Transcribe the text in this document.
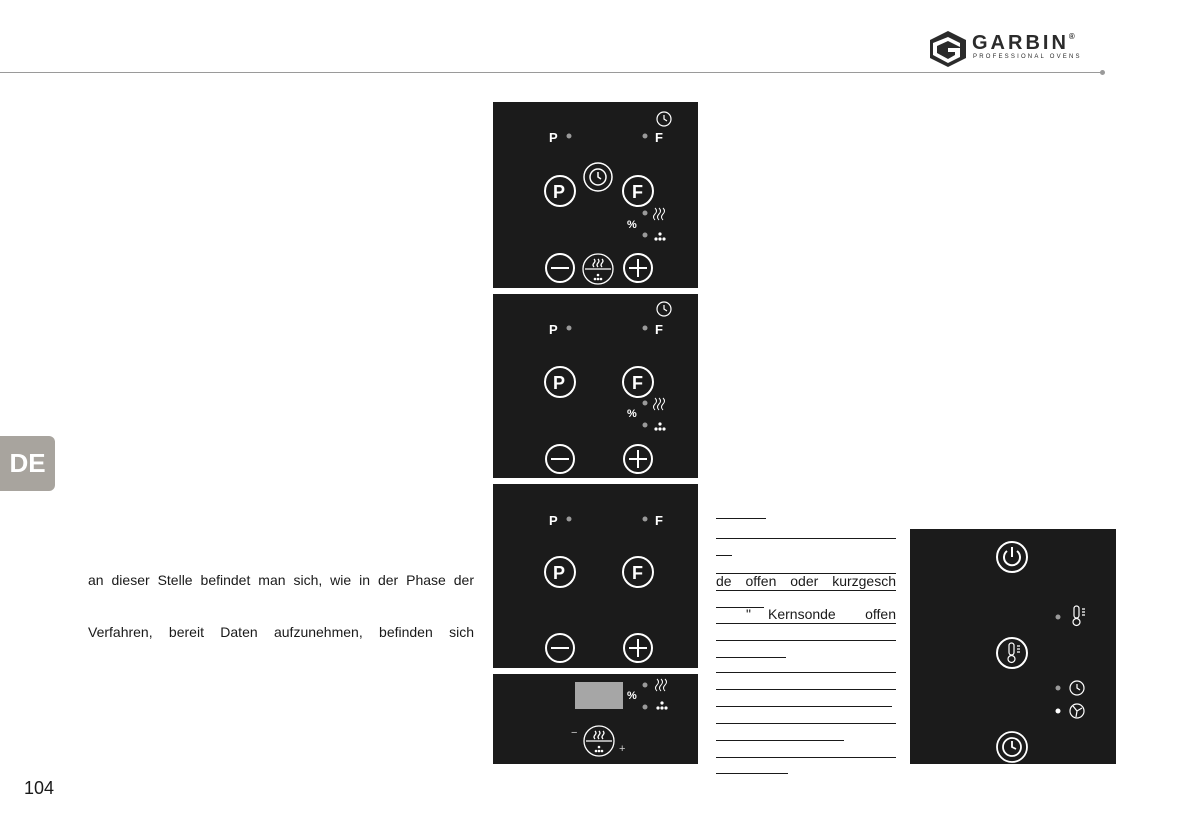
GARBIN®
PROFESSIONAL OVENS
DE
an dieser Stelle befindet man sich, wie in der Phase der
Verfahren, bereit Daten aufzunehmen, befinden sich
104
P	F
P	F
%
P	F
P	F
%
P	F
P	F
%
−
+
de offen oder kurzgesch
" Kernsonde offen
